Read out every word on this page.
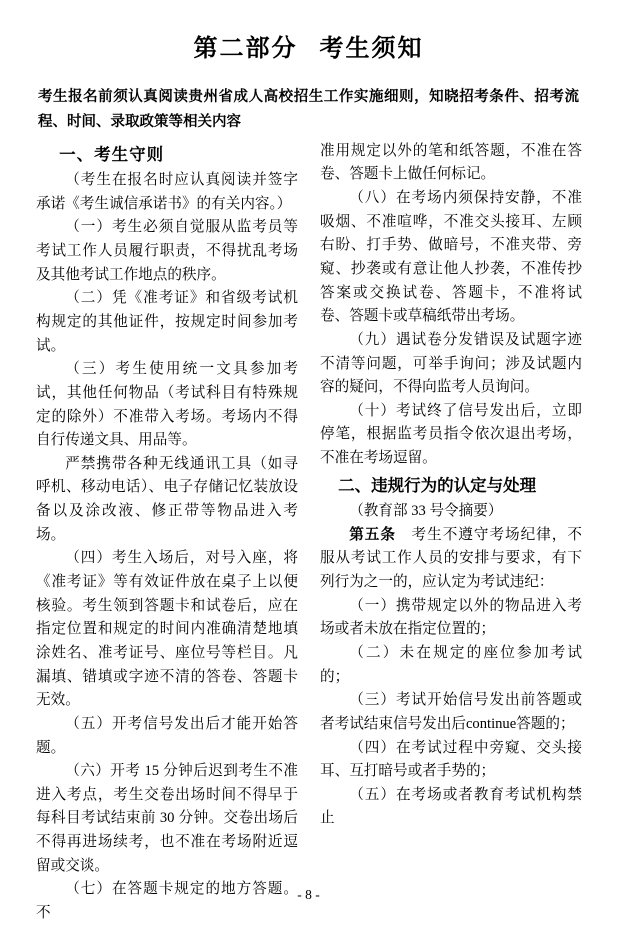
第二部分 考生须知
考生报名前须认真阅读贵州省成人高校招生工作实施细则，知晓招考条件、招考流程、时间、录取政策等相关内容
一、考生守则

（考生在报名时应认真阅读并签字承诺《考生诚信承诺书》的有关内容。）

（一）考生必须自觉服从监考员等考试工作人员履行职责，不得扰乱考场及其他考试工作地点的秩序。

（二）凭《准考证》和省级考试机构规定的其他证件，按规定时间参加考试。

（三）考生使用统一文具参加考试，其他任何物品（考试科目有特殊规定的除外）不准带入考场。考场内不得自行传递文具、用品等。

严禁携带各种无线通讯工具（如寻呼机、移动电话）、电子存储记忆装放设备以及涂改液、修正带等物品进入考场。

（四）考生入场后，对号入座，将《准考证》等有效证件放在桌子上以便核验。考生领到答题卡和试卷后，应在指定位置和规定的时间内准确清楚地填涂姓名、准考证号、座位号等栏目。凡漏填、错填或字迹不清的答卷、答题卡无效。

（五）开考信号发出后才能开始答题。

（六）开考 15 分钟后迟到考生不准进入考点，考生交卷出场时间不得早于每科目考试结束前 30 分钟。交卷出场后不得再进场续考，也不准在考场附近逗留或交谈。

（七）在答题卡规定的地方答题。不

准用规定以外的笔和纸答题，不准在答卷、答题卡上做任何标记。

（八）在考场内须保持安静，不准吸烟、不准喧哗，不准交头接耳、左顾右盼、打手势、做暗号，不准夹带、旁窥、抄袭或有意让他人抄袭，不准传抄答案或交换试卷、答题卡，不准将试卷、答题卡或草稿纸带出考场。

（九）遇试卷分发错误及试题字迹不清等问题，可举手询问；涉及试题内容的疑问，不得向监考人员询问。

（十）考试终了信号发出后，立即停笔，根据监考员指令依次退出考场，不准在考场逗留。

二、违规行为的认定与处理

（教育部 33 号令摘要）

第五条　 考生不遵守考场纪律，不服从考试工作人员的安排与要求，有下列行为之一的，应认定为考试违纪：

（一）携带规定以外的物品进入考场或者未放在指定位置的；

（二）未在规定的座位参加考试的；

（三）考试开始信号发出前答题或者考试结束信号发出后continue答题的；

（四）在考试过程中旁窥、交头接耳、互打暗号或者手势的；

（五）在考场或者教育考试机构禁止

- 8 -
